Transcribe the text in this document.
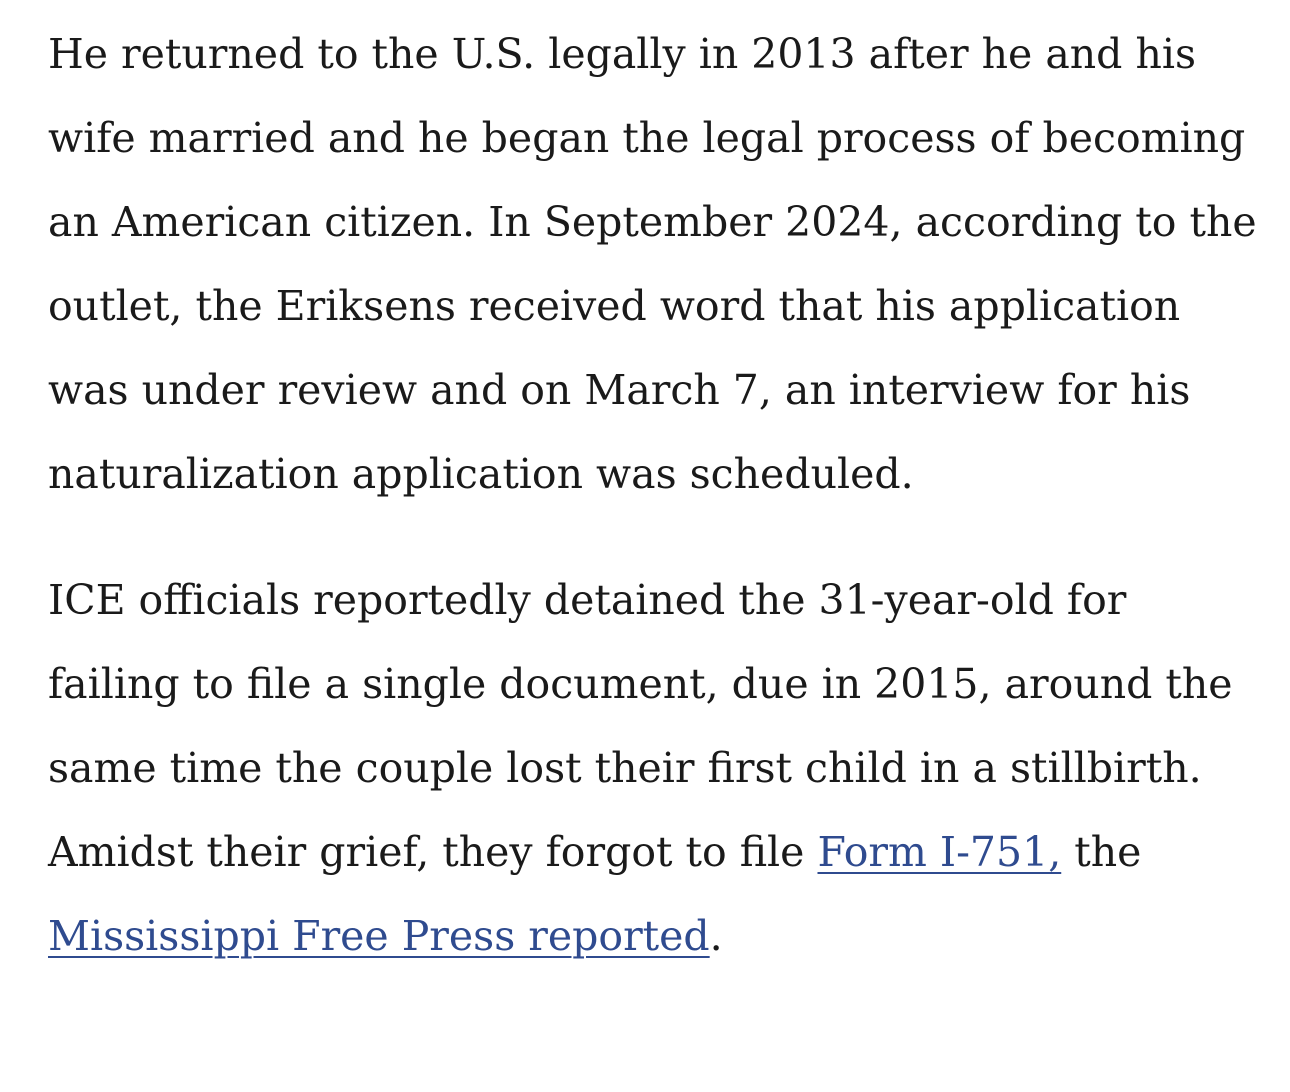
He returned to the U.S. legally in 2013 after he and his wife married and he began the legal process of becoming an American citizen. In September 2024, according to the outlet, the Eriksens received word that his application was under review and on March 7, an interview for his naturalization application was scheduled.

ICE officials reportedly detained the 31-year-old for failing to file a single document, due in 2015, around the same time the couple lost their first child in a stillbirth. Amidst their grief, they forgot to file Form I-751, the Mississippi Free Press reported.
